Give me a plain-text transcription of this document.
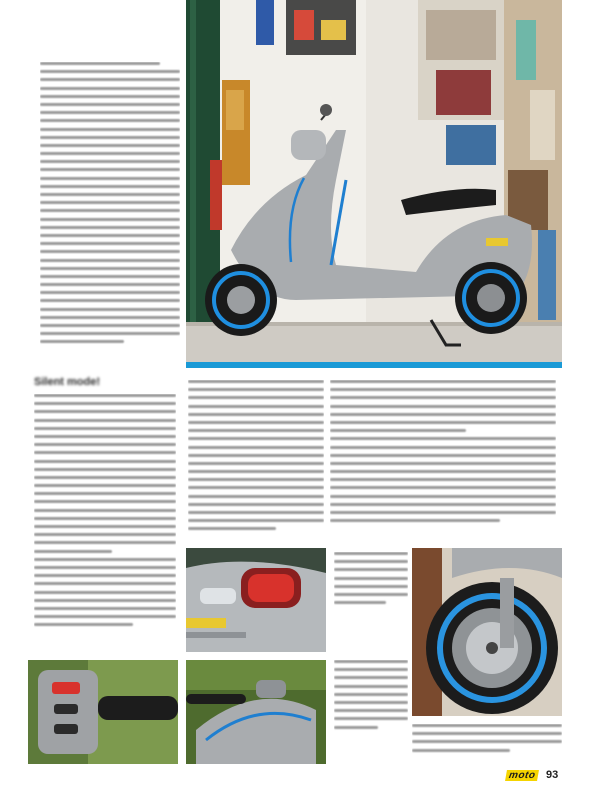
Silent mode!
moto 93
